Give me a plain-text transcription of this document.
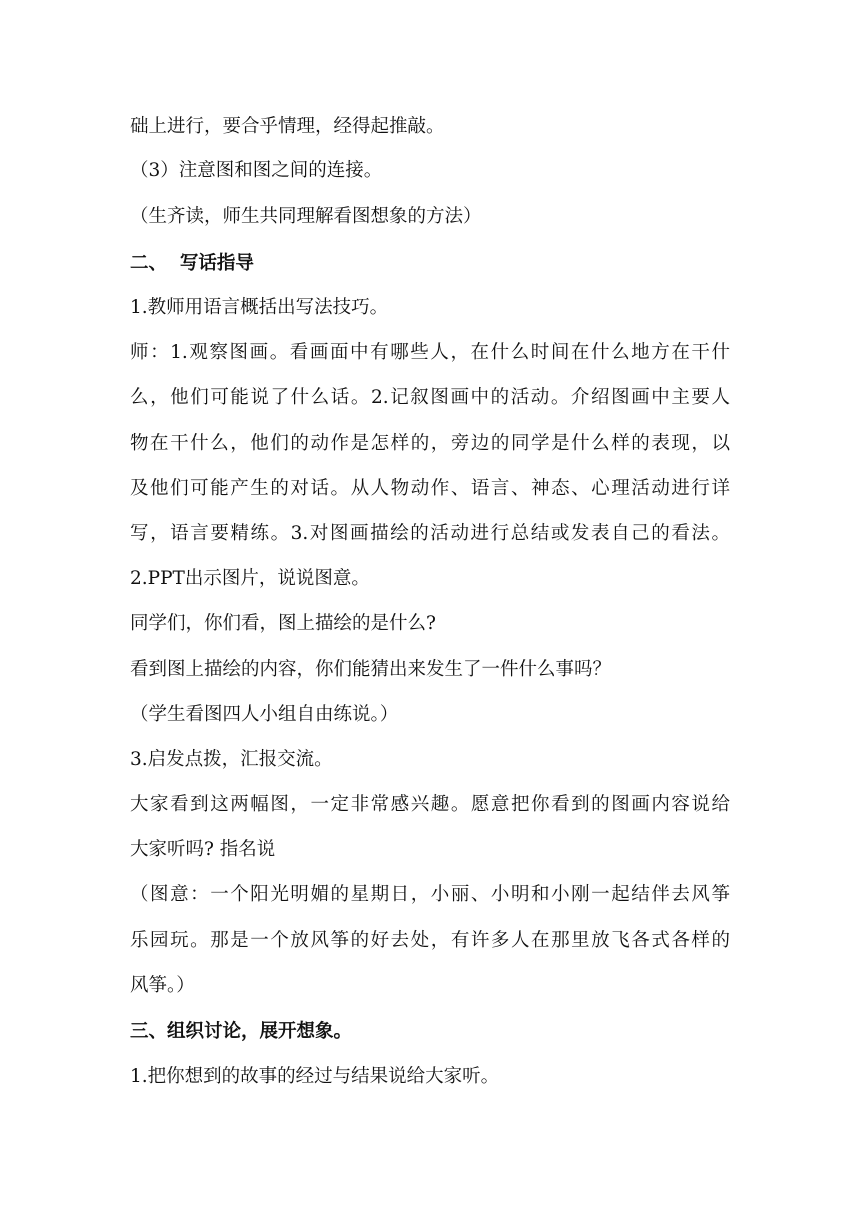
础上进行，要合乎情理，经得起推敲。
（3）注意图和图之间的连接。
（生齐读，师生共同理解看图想象的方法）
二、  写话指导
1.教师用语言概括出写法技巧。
师：1.观察图画。看画面中有哪些人，在什么时间在什么地方在干什
么，他们可能说了什么话。2.记叙图画中的活动。介绍图画中主要人
物在干什么，他们的动作是怎样的，旁边的同学是什么样的表现，以
及他们可能产生的对话。从人物动作、语言、神态、心理活动进行详
写，语言要精练。3.对图画描绘的活动进行总结或发表自己的看法。
2.PPT出示图片，说说图意。
同学们，你们看，图上描绘的是什么?
看到图上描绘的内容，你们能猜出来发生了一件什么事吗？
（学生看图四人小组自由练说。）
3.启发点拨，汇报交流。
大家看到这两幅图，一定非常感兴趣。愿意把你看到的图画内容说给
大家听吗? 指名说
（图意：一个阳光明媚的星期日，小丽、小明和小刚一起结伴去风筝
乐园玩。那是一个放风筝的好去处，有许多人在那里放飞各式各样的
风筝。）
三、组织讨论，展开想象。
1.把你想到的故事的经过与结果说给大家听。
